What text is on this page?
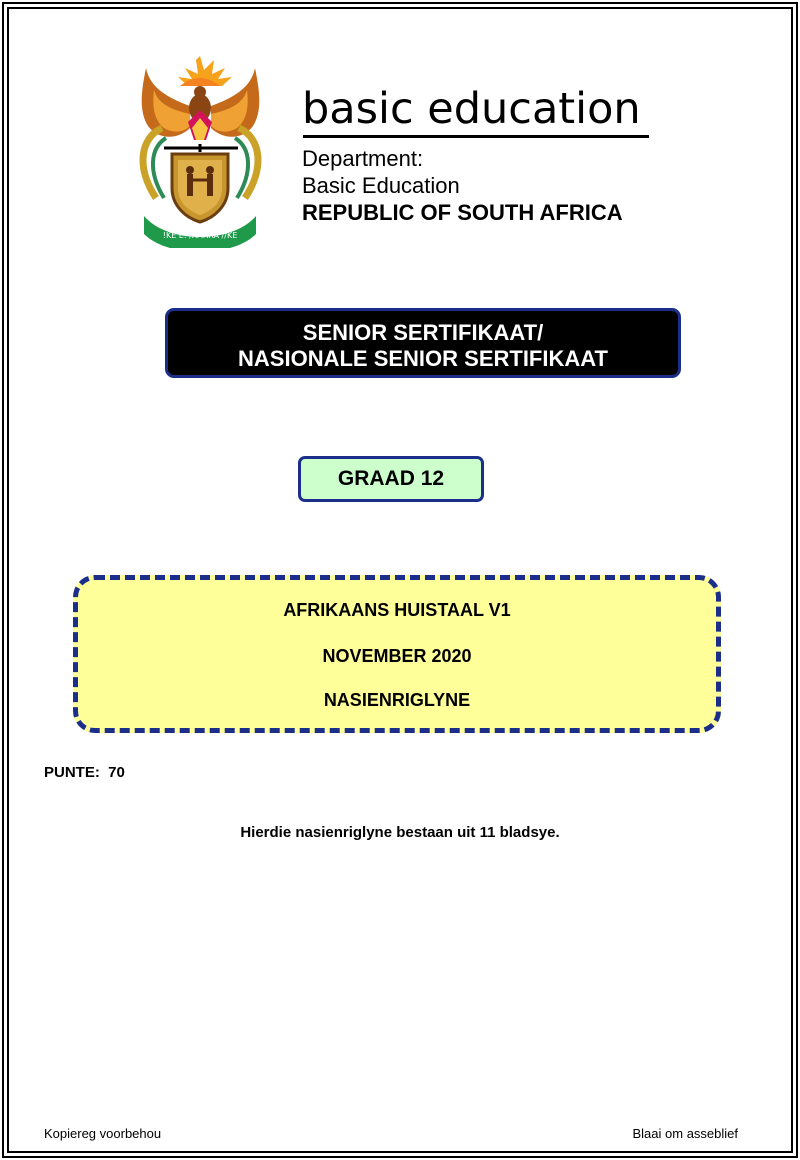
!KE E: /XARRA //KE
basic education
Department:
Basic Education
REPUBLIC OF SOUTH AFRICA
SENIOR SERTIFIKAAT/
NASIONALE SENIOR SERTIFIKAAT
GRAAD 12
AFRIKAANS HUISTAAL V1
NOVEMBER 2020
NASIENRIGLYNE
PUNTE:  70
Hierdie nasienriglyne bestaan uit 11 bladsye.
Kopiereg voorbehou	Blaai om asseblief
